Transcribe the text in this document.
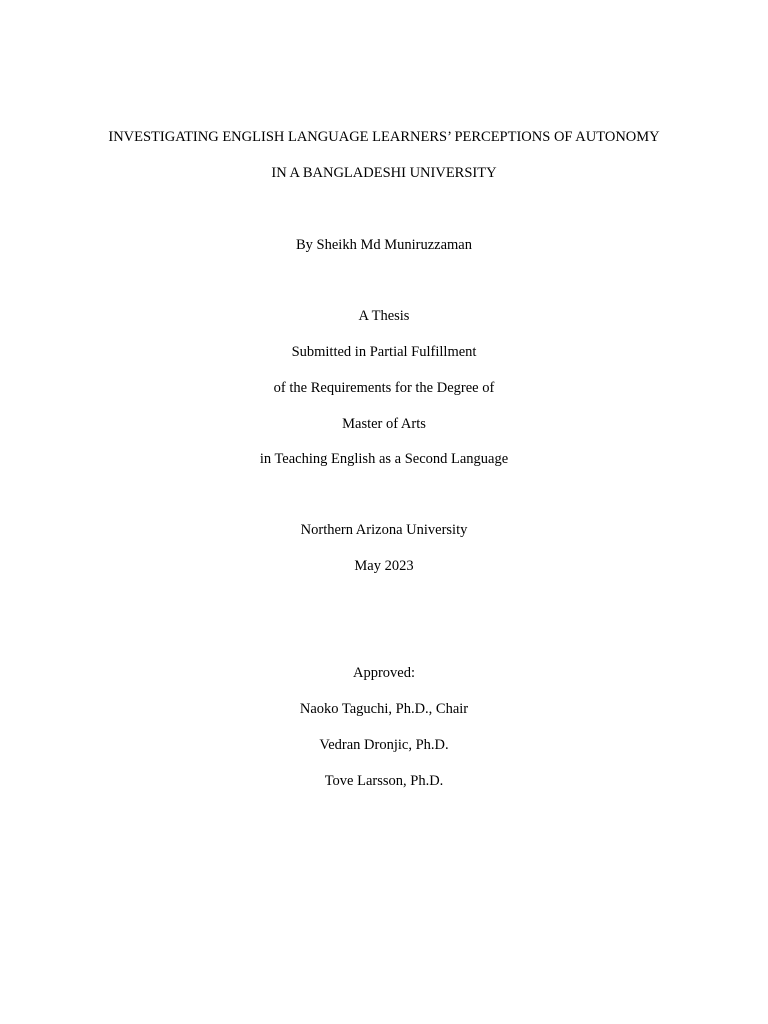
INVESTIGATING ENGLISH LANGUAGE LEARNERS’ PERCEPTIONS OF AUTONOMY
IN A BANGLADESHI UNIVERSITY
By Sheikh Md Muniruzzaman
A Thesis
Submitted in Partial Fulfillment
of the Requirements for the Degree of
Master of Arts
in Teaching English as a Second Language
Northern Arizona University
May 2023
Approved:
Naoko Taguchi, Ph.D., Chair
Vedran Dronjic, Ph.D.
Tove Larsson, Ph.D.
